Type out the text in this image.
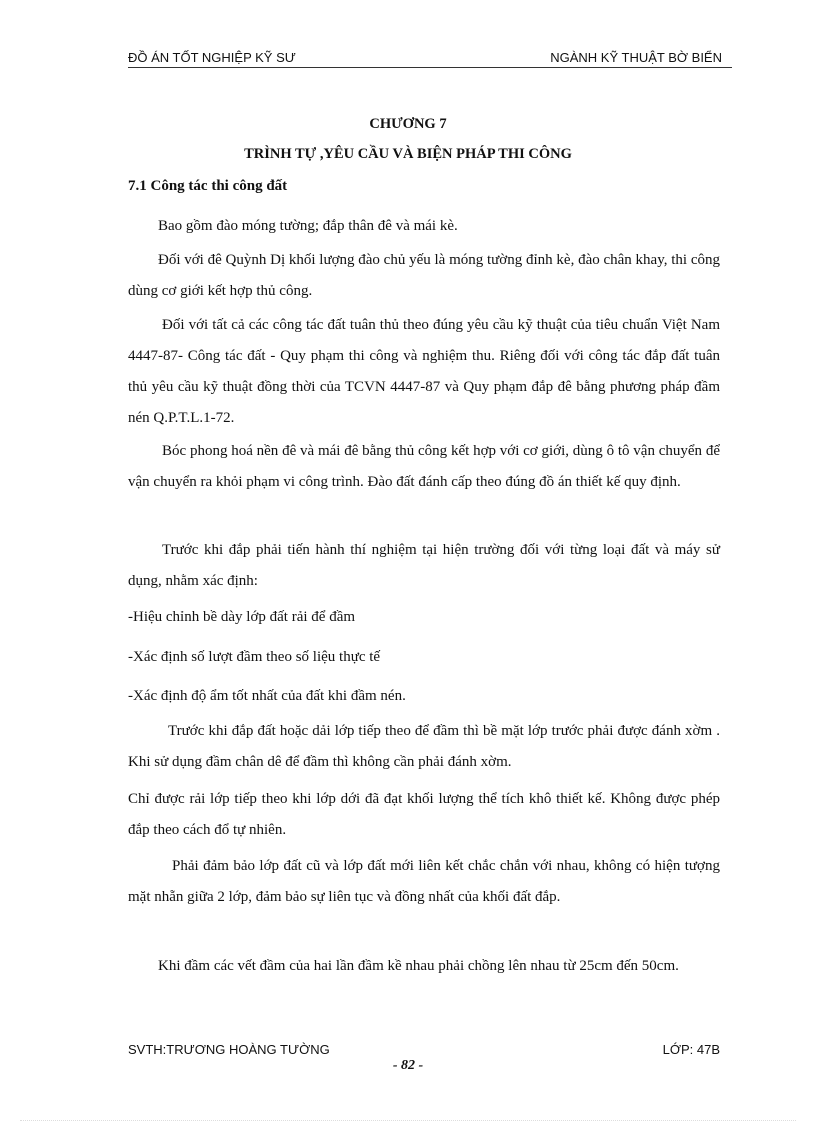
ĐỒ ÁN TỐT NGHIỆP KỸ SƯ	NGÀNH KỸ THUẬT BỜ BIỂN
CHƯƠNG 7
TRÌNH TỰ ,YÊU CẦU VÀ BIỆN PHÁP THI CÔNG
7.1 Công tác thi công đất
Bao gồm đào móng tường; đắp thân đê và mái kè.
Đối với đê Quỳnh Dị khối lượng đào chủ yếu là móng tường đỉnh kè, đào chân khay, thi công dùng cơ giới kết hợp thủ công.
Đối với tất cả các công tác đất tuân thủ theo đúng yêu cầu kỹ thuật của tiêu chuẩn Việt Nam 4447-87- Công tác đất - Quy phạm thi công và nghiệm thu. Riêng đối với công tác đắp đất tuân thủ yêu cầu kỹ thuật đồng thời của TCVN 4447-87 và Quy phạm đắp đê bằng phương pháp đầm nén Q.P.T.L.1-72.
Bóc phong hoá nền đê và mái đê bằng thủ công kết hợp với cơ giới, dùng ô tô vận chuyển để vận chuyển ra khỏi phạm vi công trình. Đào đất đánh cấp theo đúng đồ án thiết kế quy định.
Trước khi đắp phải tiến hành thí nghiệm tại hiện trường đối với từng loại đất và máy sử dụng, nhằm xác định:
-Hiệu chỉnh bề dày lớp đất rải để đầm
-Xác định số lượt đầm theo số liệu thực tế
-Xác định độ ẩm tốt nhất của đất khi đầm nén.
Trước khi đắp đất hoặc dải lớp tiếp theo để đầm thì bề mặt lớp trước phải được đánh xờm . Khi sử dụng đầm chân dê để đầm thì không cần phải đánh xờm.
Chỉ được rải lớp tiếp theo khi lớp dới đã đạt khối lượng thể tích khô thiết kế. Không được phép đắp theo cách đổ tự nhiên.
Phải đảm bảo lớp đất cũ và lớp đất mới liên kết chắc chắn với nhau, không có hiện tượng mặt nhẵn giữa 2 lớp, đảm bảo sự liên tục và đồng nhất của khối đất đắp.
Khi đầm các vết đầm của hai lần đầm kề nhau phải chồng lên nhau từ 25cm đến 50cm.
SVTH:TRƯƠNG HOÀNG TƯỜNG	LỚP: 47B
- 82 -
